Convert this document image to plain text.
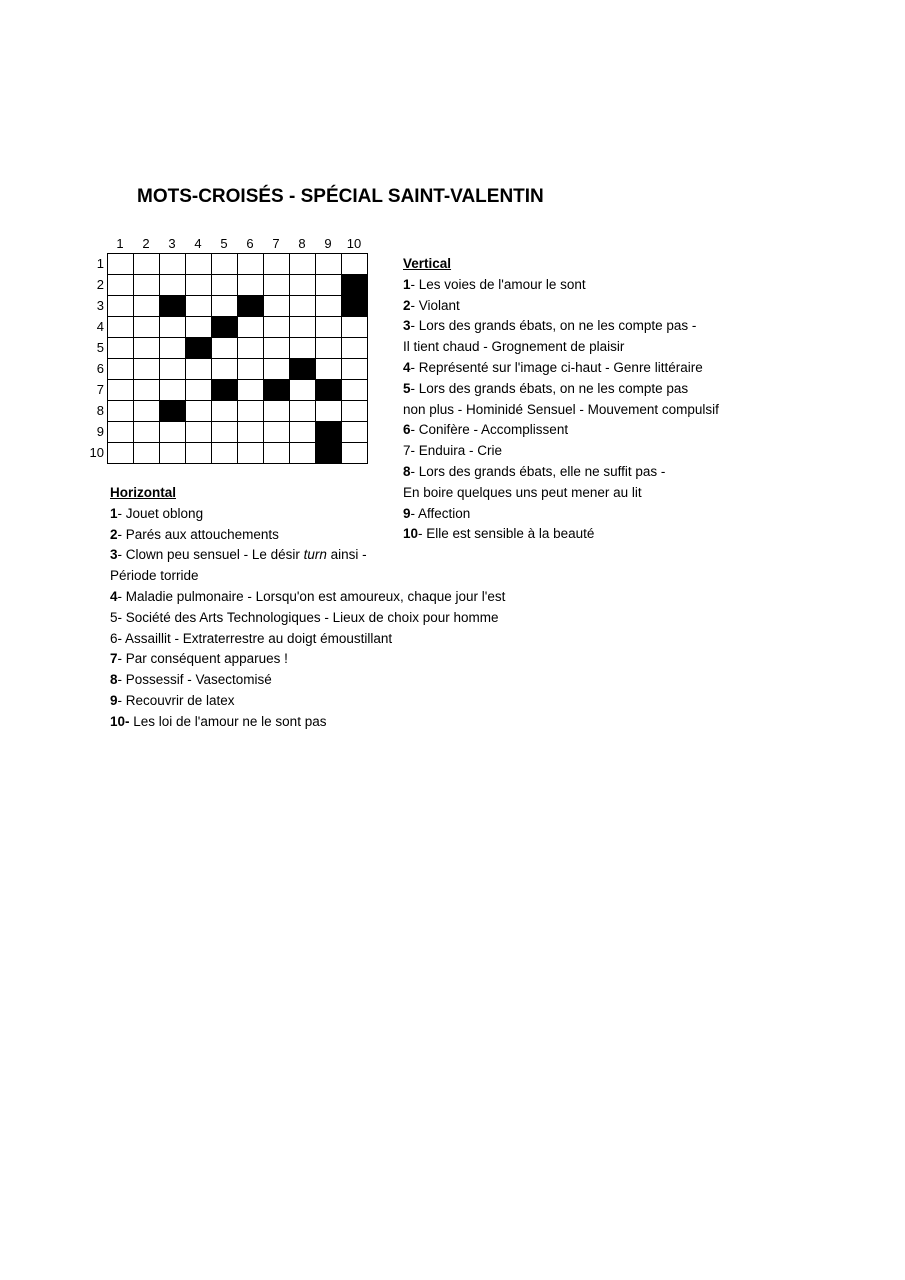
MOTS-CROISÉS - SPÉCIAL SAINT-VALENTIN
1	2	3	4	5	6	7	8	9	10
1
2
3
4
5
6
7
8
9
10
Vertical
1- Les voies de l'amour le sont
2- Violant
3- Lors des grands ébats, on ne les compte pas -
Il tient chaud - Grognement de plaisir
4- Représenté sur l'image ci-haut - Genre littéraire
5- Lors des grands ébats, on ne les compte pas
non plus - Hominidé Sensuel - Mouvement compulsif
6- Conifère - Accomplissent
7- Enduira - Crie
8- Lors des grands ébats, elle ne suffit pas -
En boire quelques uns peut mener au lit
9- Affection
10- Elle est sensible à la beauté
Horizontal
1- Jouet oblong
2- Parés aux attouchements
3- Clown peu sensuel - Le désir turn ainsi -
Période torride
4- Maladie pulmonaire - Lorsqu'on est amoureux, chaque jour l'est
5- Société des Arts Technologiques - Lieux de choix pour homme
6- Assaillit - Extraterrestre au doigt émoustillant
7- Par conséquent apparues !
8- Possessif - Vasectomisé
9- Recouvrir de latex
10- Les loi de l'amour ne le sont pas
